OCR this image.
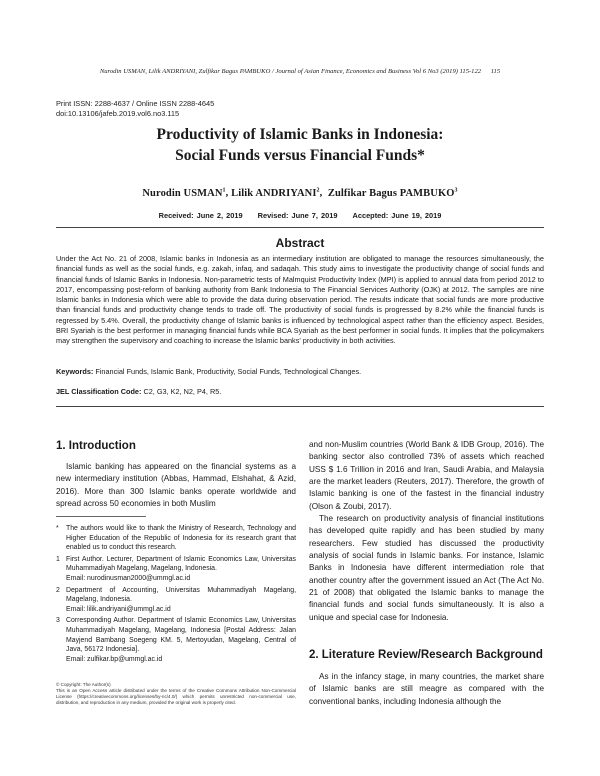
Nurodin USMAN, Lilik ANDRIYANI, Zulfikar Bagus PAMBUKO / Journal of Asian Finance, Economics and Business Vol 6 No3 (2019) 115-122 115
Print ISSN: 2288-4637 / Online ISSN 2288-4645
doi:10.13106/jafeb.2019.vol6.no3.115
Productivity of Islamic Banks in Indonesia:
Social Funds versus Financial Funds*
Nurodin USMAN$^1$, Lilik ANDRIYANI$^2$,  Zulfikar Bagus PAMBUKO$^3$
Received: June 2, 2019 Revised: June 7, 2019 Accepted: June 19, 2019
Abstract
Under the Act No. 21 of 2008, Islamic banks in Indonesia as an intermediary institution are obligated to manage the resources simultaneously, the financial funds as well as the social funds, e.g. zakah, infaq, and sadaqah. This study aims to investigate the productivity change of social funds and financial funds of Islamic Banks in Indonesia. Non-parametric tests of Malmquist Productivity Index (MPI) is applied to annual data from period 2012 to 2017, encompassing post-reform of banking authority from Bank Indonesia to The Financial Services Authority (OJK) at 2012. The samples are nine Islamic banks in Indonesia which were able to provide the data during observation period. The results indicate that social funds are more productive than financial funds and productivity change tends to trade off. The productivity of social funds is progressed by 8.2% while the financial funds is regressed by 5.4%. Overall, the productivity change of Islamic banks is influenced by technological aspect rather than the efficiency aspect. Besides, BRI Syariah is the best performer in managing financial funds while BCA Syariah as the best performer in social funds. It implies that the policymakers may strengthen the supervisory and coaching to increase the Islamic banks' productivity in both activities.
Keywords: Financial Funds, Islamic Bank, Productivity, Social Funds, Technological Changes.
JEL Classification Code: C2, G3, K2, N2, P4, R5.
1. Introduction

Islamic banking has appeared on the financial systems as a new intermediary institution (Abbas, Hammad, Elshahat, & Azid, 2016). More than 300 Islamic banks operate worldwide and spread across 50 economies in both Muslim

*	The authors would like to thank the Ministry of Research, Technology and Higher Education of the Republic of Indonesia for its research grant that enabled us to conduct this research.
1 First Author. Lecturer, Department of Islamic Economics Law, Universitas Muhammadiyah Magelang, Magelang, Indonesia.
Email: nurodinusman2000@ummgl.ac.id
2 Department of Accounting, Universitas Muhammadiyah Magelang, Magelang, Indonesia.
Email: lilik.andriyani@ummgl.ac.id
3 Corresponding Author. Department of Islamic Economics Law, Universitas Muhammadiyah Magelang, Magelang, Indonesia [Postal Address: Jalan Mayjend Bambang Soegeng KM. 5, Mertoyudan, Magelang, Central of Java, 56172 Indonesia].
Email: zulfikar.bp@ummgl.ac.id
© Copyright: The Author(s)
This is an Open Access article distributed under the terms of the Creative Commons Attribution Non-Commercial License (https://creativecommons.org/licenses/by-nc/4.0/) which permits unrestricted non-commercial use, distribution, and reproduction in any medium, provided the original work is properly cited.

and non-Muslim countries (World Bank & IDB Group, 2016). The banking sector also controlled 73% of assets which reached USS $ 1.6 Trillion in 2016 and Iran, Saudi Arabia, and Malaysia are the market leaders (Reuters, 2017). Therefore, the growth of Islamic banking is one of the fastest in the financial industry (Olson & Zoubi, 2017).

The research on productivity analysis of financial institutions has developed quite rapidly and has been studied by many researchers. Few studied has discussed the productivity analysis of social funds in Islamic banks. For instance, Islamic Banks in Indonesia have different intermediation role that another country after the government issued an Act (The Act No. 21 of 2008) that obligated the Islamic banks to manage the financial funds and social funds simultaneously. It is also a unique and special case for Indonesia.

2. Literature Review/Research Background

As in the infancy stage, in many countries, the market share of Islamic banks are still meagre as compared with the conventional banks, including Indonesia although the
